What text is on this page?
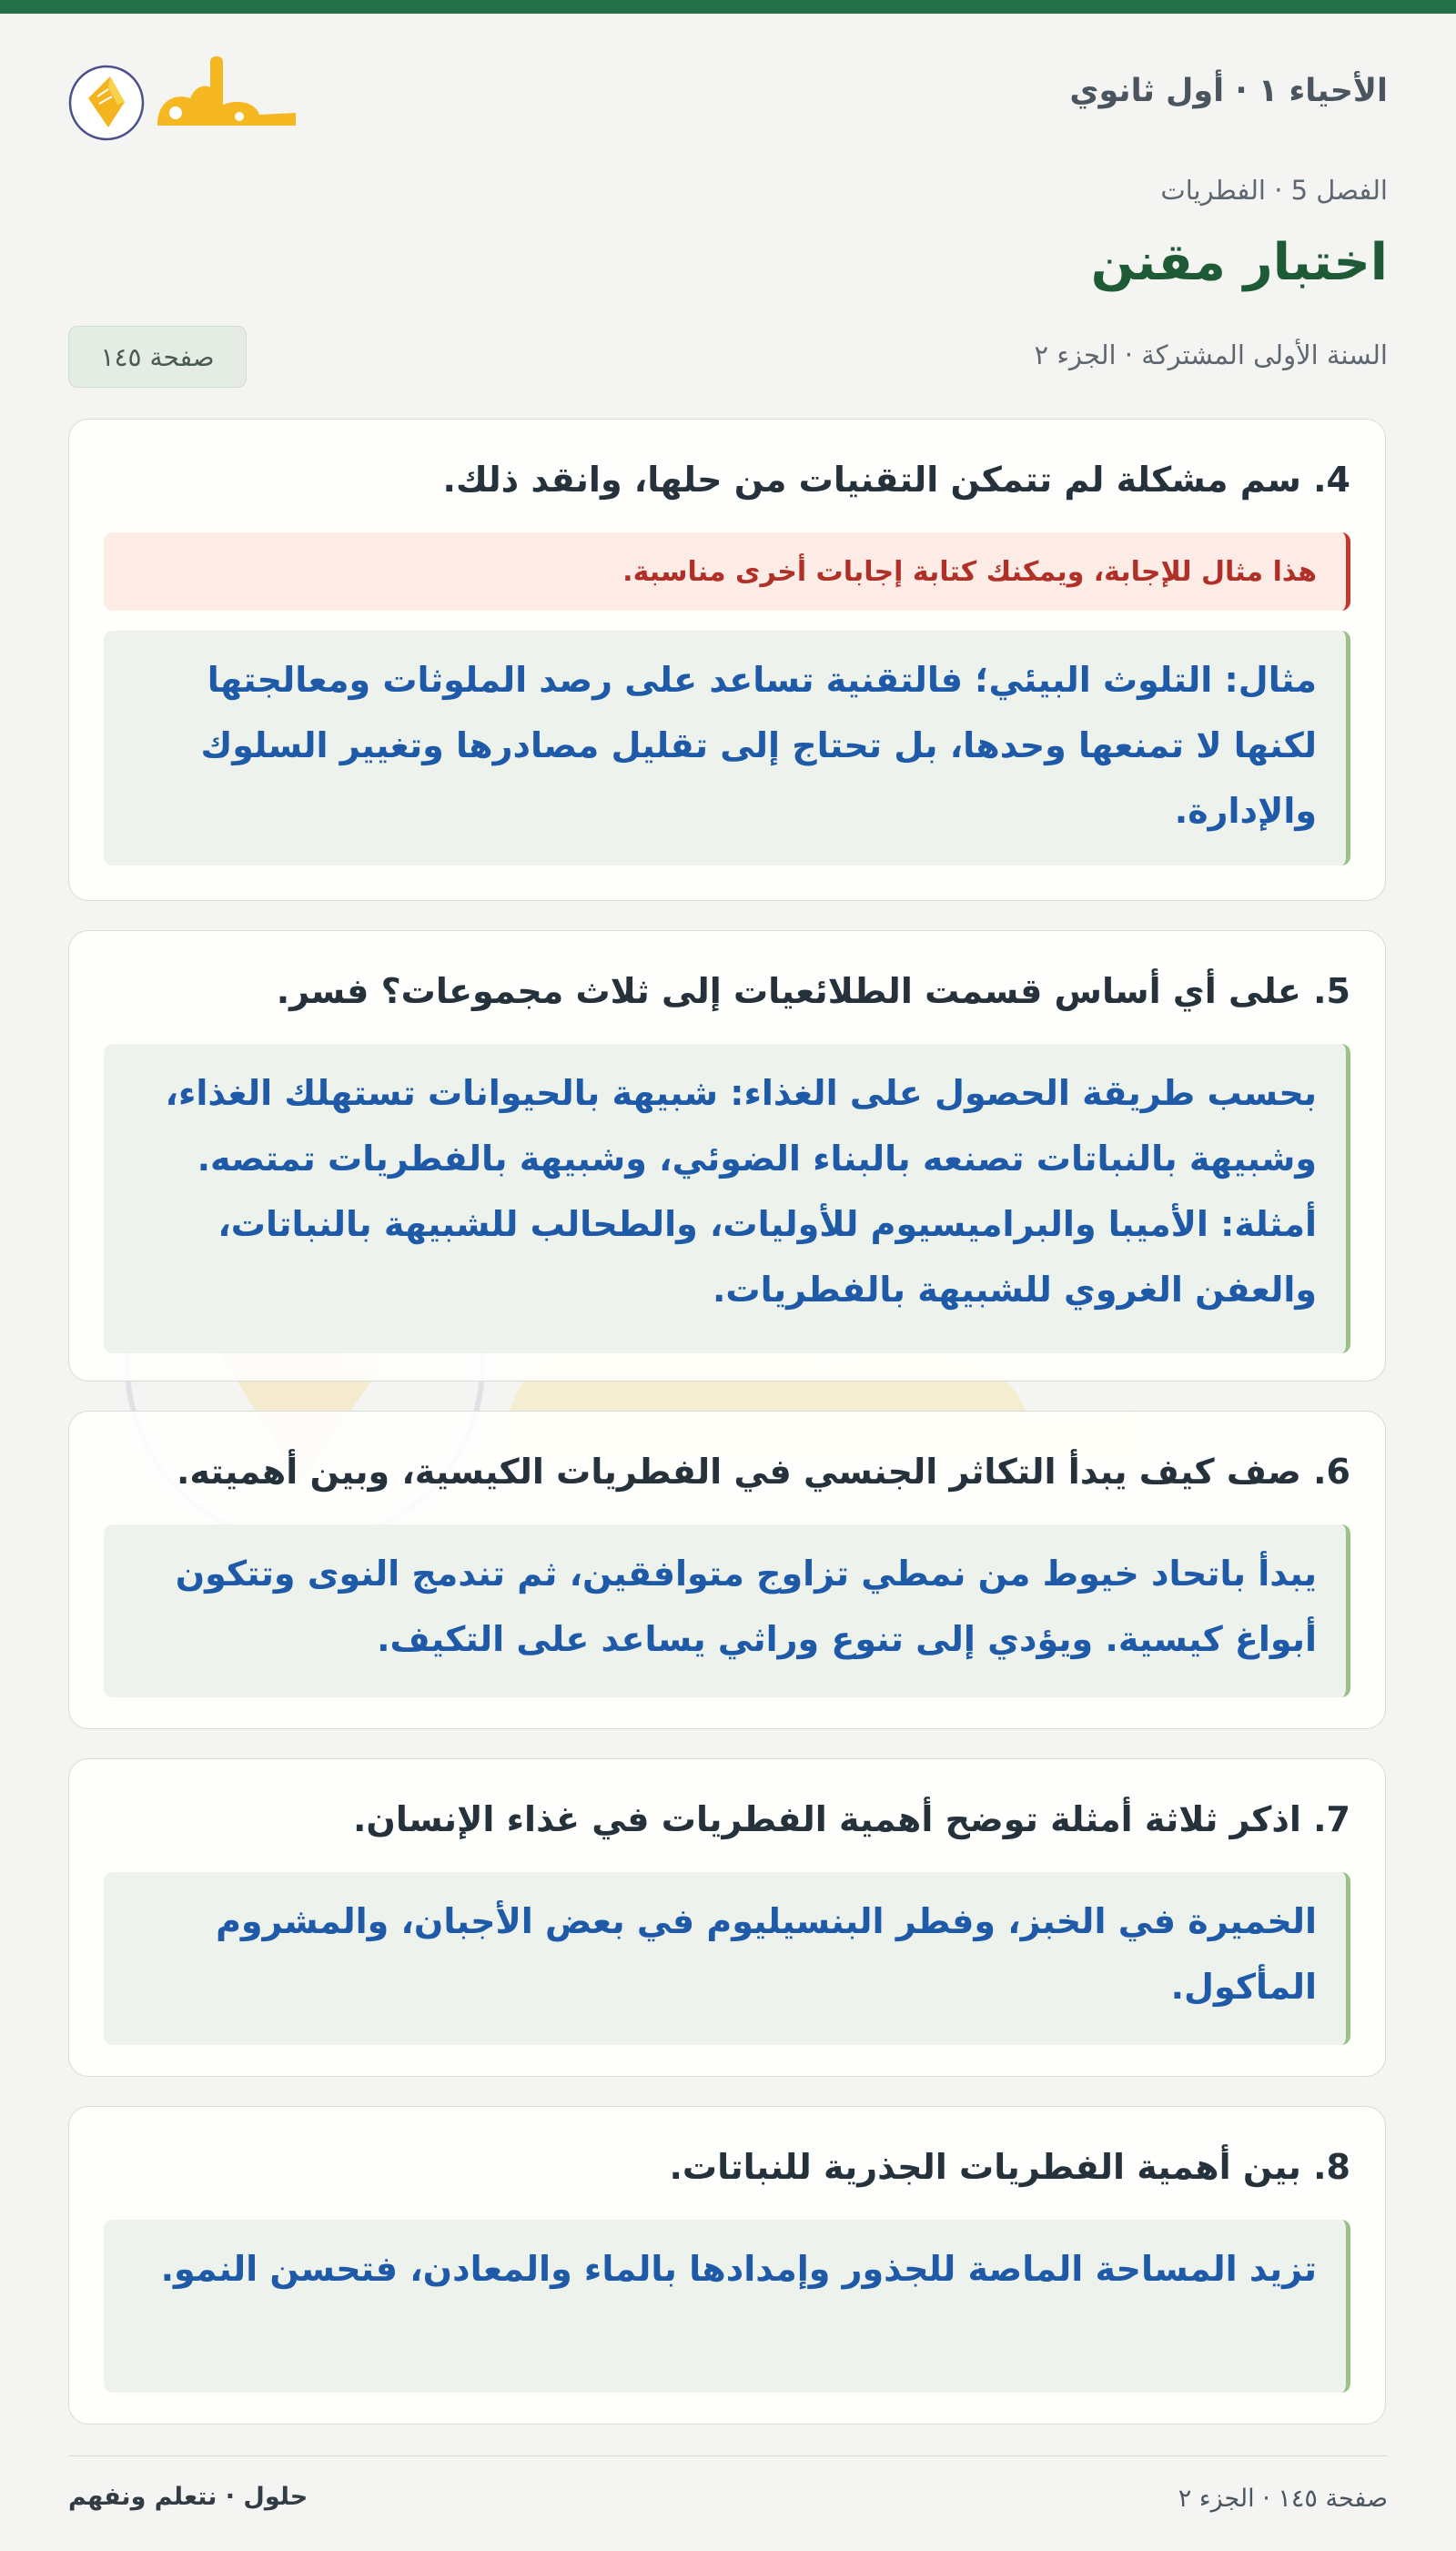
الأحياء ١ · أول ثانوي
الفصل 5 · الفطريات
اختبار مقنن
السنة الأولى المشتركة · الجزء ٢
صفحة ١٤٥
4. سم مشكلة لم تتمكن التقنيات من حلها، وانقد ذلك.
هذا مثال للإجابة، ويمكنك كتابة إجابات أخرى مناسبة.
مثال: التلوث البيئي؛ فالتقنية تساعد على رصد الملوثات ومعالجتها لكنها لا تمنعها وحدها، بل تحتاج إلى تقليل مصادرها وتغيير السلوك والإدارة.
5. على أي أساس قسمت الطلائعيات إلى ثلاث مجموعات؟ فسر.
بحسب طريقة الحصول على الغذاء: شبيهة بالحيوانات تستهلك الغذاء، وشبيهة بالنباتات تصنعه بالبناء الضوئي، وشبيهة بالفطريات تمتصه. أمثلة: الأميبا والبراميسيوم للأوليات، والطحالب للشبيهة بالنباتات، والعفن الغروي للشبيهة بالفطريات.
6. صف كيف يبدأ التكاثر الجنسي في الفطريات الكيسية، وبين أهميته.
يبدأ باتحاد خيوط من نمطي تزاوج متوافقين، ثم تندمج النوى وتتكون أبواغ كيسية. ويؤدي إلى تنوع وراثي يساعد على التكيف.
7. اذكر ثلاثة أمثلة توضح أهمية الفطريات في غذاء الإنسان.
الخميرة في الخبز، وفطر البنسيليوم في بعض الأجبان، والمشروم المأكول.
8. بين أهمية الفطريات الجذرية للنباتات.
تزيد المساحة الماصة للجذور وإمدادها بالماء والمعادن، فتحسن النمو.
صفحة ١٤٥ · الجزء ٢
حلول · نتعلم ونفهم
